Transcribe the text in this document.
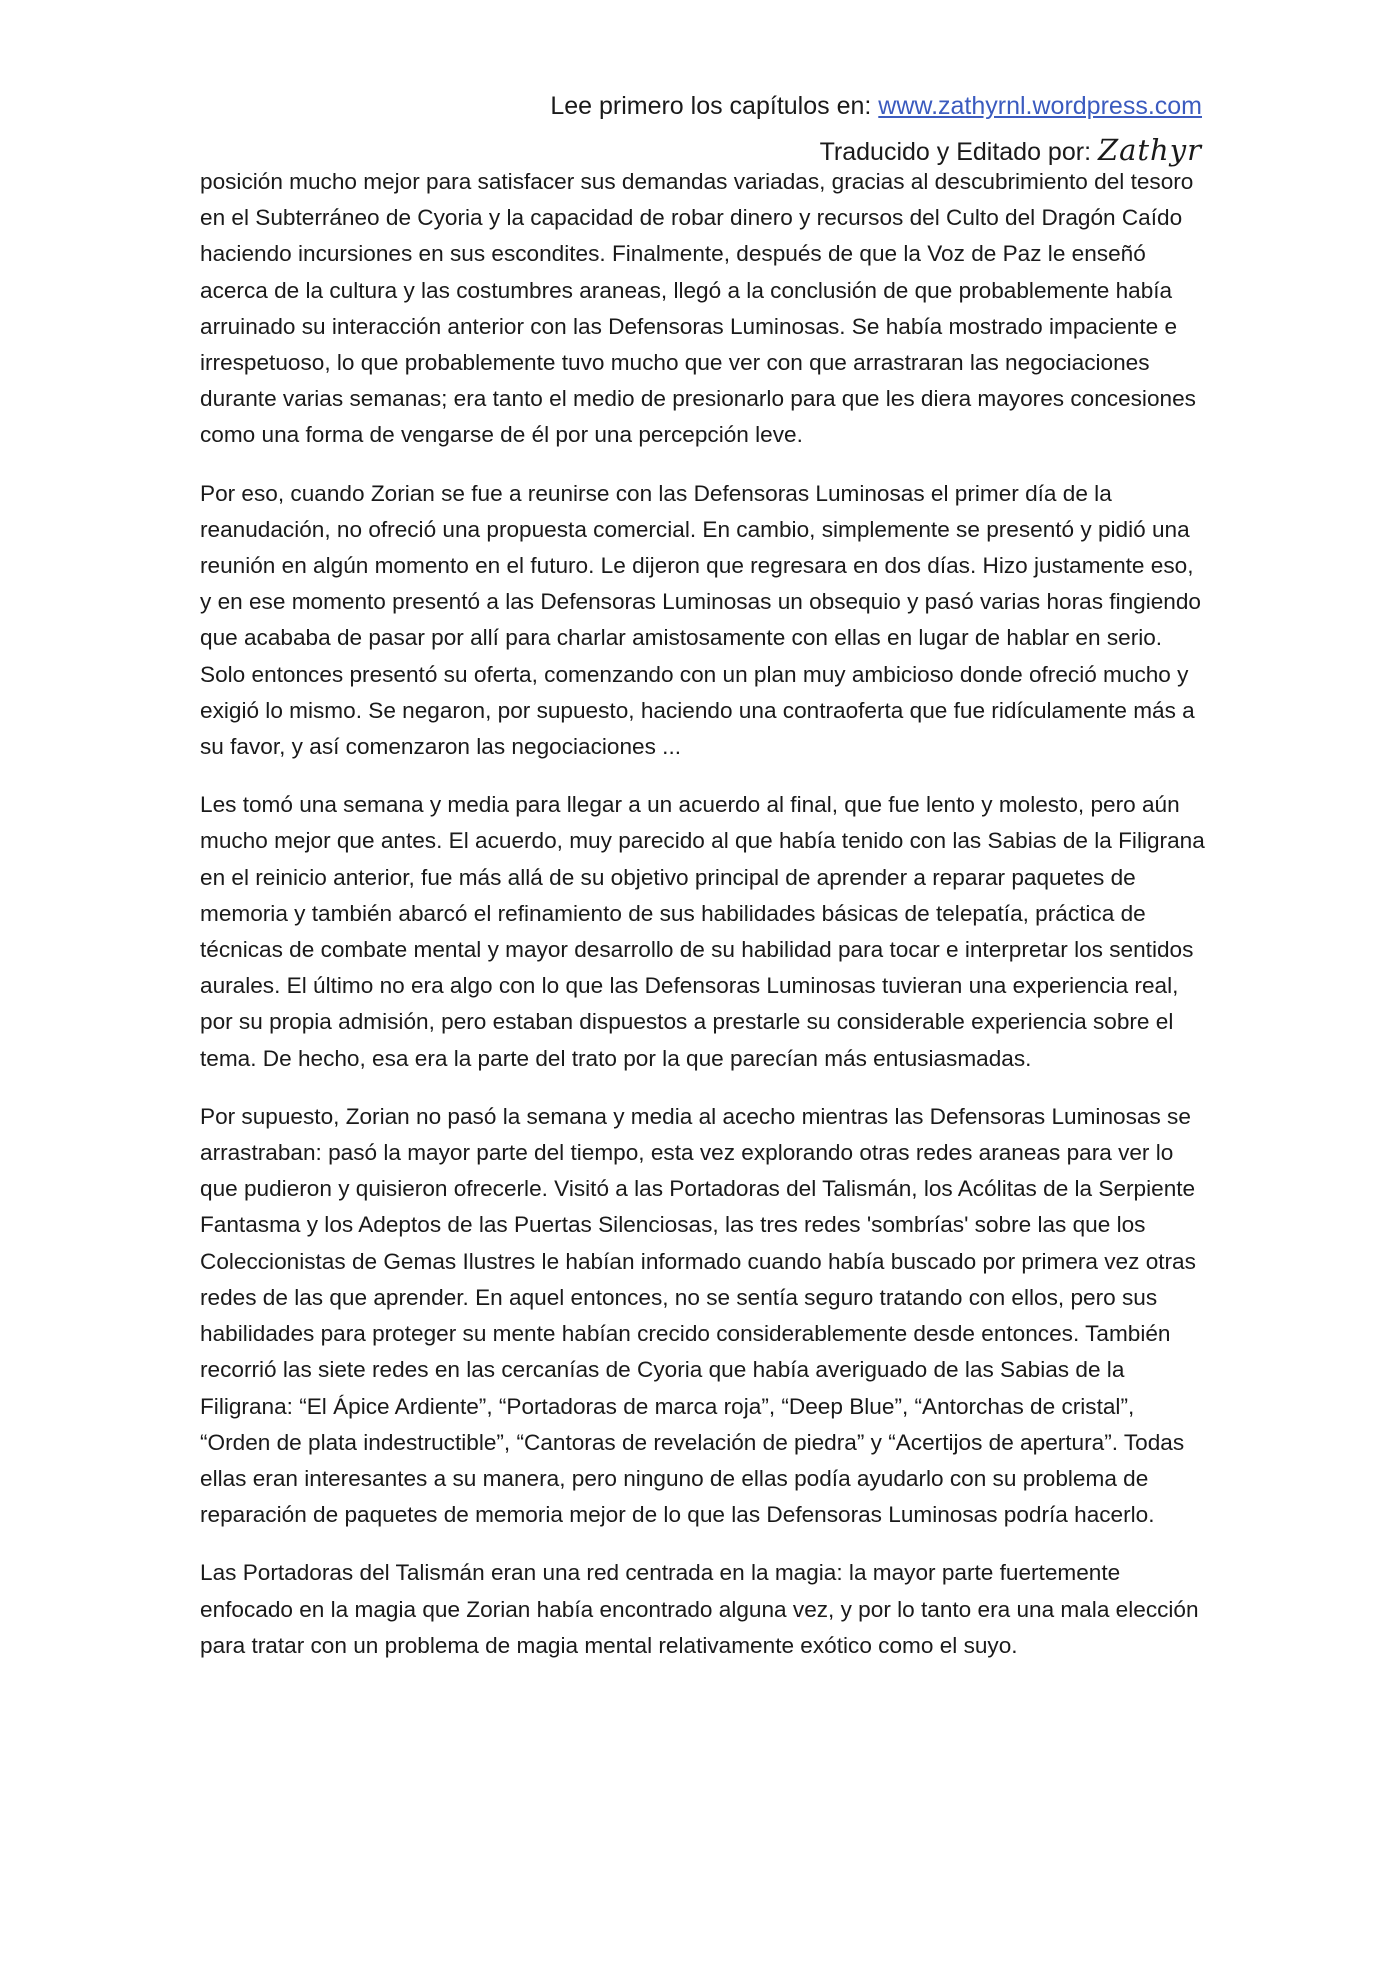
Lee primero los capítulos en: www.zathyrnl.wordpress.com
Traducido y Editado por: Zathyr

posición mucho mejor para satisfacer sus demandas variadas, gracias al descubrimiento del tesoro en el Subterráneo de Cyoria y la capacidad de robar dinero y recursos del Culto del Dragón Caído haciendo incursiones en sus escondites. Finalmente, después de que la Voz de Paz le enseñó acerca de la cultura y las costumbres araneas, llegó a la conclusión de que probablemente había arruinado su interacción anterior con las Defensoras Luminosas. Se había mostrado impaciente e irrespetuoso, lo que probablemente tuvo mucho que ver con que arrastraran las negociaciones durante varias semanas; era tanto el medio de presionarlo para que les diera mayores concesiones como una forma de vengarse de él por una percepción leve.

Por eso, cuando Zorian se fue a reunirse con las Defensoras Luminosas el primer día de la reanudación, no ofreció una propuesta comercial. En cambio, simplemente se presentó y pidió una reunión en algún momento en el futuro. Le dijeron que regresara en dos días. Hizo justamente eso, y en ese momento presentó a las Defensoras Luminosas un obsequio y pasó varias horas fingiendo que acababa de pasar por allí para charlar amistosamente con ellas en lugar de hablar en serio. Solo entonces presentó su oferta, comenzando con un plan muy ambicioso donde ofreció mucho y exigió lo mismo. Se negaron, por supuesto, haciendo una contraoferta que fue ridículamente más a su favor, y así comenzaron las negociaciones ...

Les tomó una semana y media para llegar a un acuerdo al final, que fue lento y molesto, pero aún mucho mejor que antes. El acuerdo, muy parecido al que había tenido con las Sabias de la Filigrana en el reinicio anterior, fue más allá de su objetivo principal de aprender a reparar paquetes de memoria y también abarcó el refinamiento de sus habilidades básicas de telepatía, práctica de técnicas de combate mental y mayor desarrollo de su habilidad para tocar e interpretar los sentidos aurales. El último no era algo con lo que las Defensoras Luminosas tuvieran una experiencia real, por su propia admisión, pero estaban dispuestos a prestarle su considerable experiencia sobre el tema. De hecho, esa era la parte del trato por la que parecían más entusiasmadas.

Por supuesto, Zorian no pasó la semana y media al acecho mientras las Defensoras Luminosas se arrastraban: pasó la mayor parte del tiempo, esta vez explorando otras redes araneas para ver lo que pudieron y quisieron ofrecerle. Visitó a las Portadoras del Talismán, los Acólitas de la Serpiente Fantasma y los Adeptos de las Puertas Silenciosas, las tres redes 'sombrías' sobre las que los Coleccionistas de Gemas Ilustres le habían informado cuando había buscado por primera vez otras redes de las que aprender. En aquel entonces, no se sentía seguro tratando con ellos, pero sus habilidades para proteger su mente habían crecido considerablemente desde entonces. También recorrió las siete redes en las cercanías de Cyoria que había averiguado de las Sabias de la Filigrana: “El Ápice Ardiente”, “Portadoras de marca roja”, “Deep Blue”, “Antorchas de cristal”, “Orden de plata indestructible”, “Cantoras de revelación de piedra” y “Acertijos de apertura”. Todas ellas eran interesantes a su manera, pero ninguno de ellas podía ayudarlo con su problema de reparación de paquetes de memoria mejor de lo que las Defensoras Luminosas podría hacerlo.

Las Portadoras del Talismán eran una red centrada en la magia: la mayor parte fuertemente enfocado en la magia que Zorian había encontrado alguna vez, y por lo tanto era una mala elección para tratar con un problema de magia mental relativamente exótico como el suyo.
